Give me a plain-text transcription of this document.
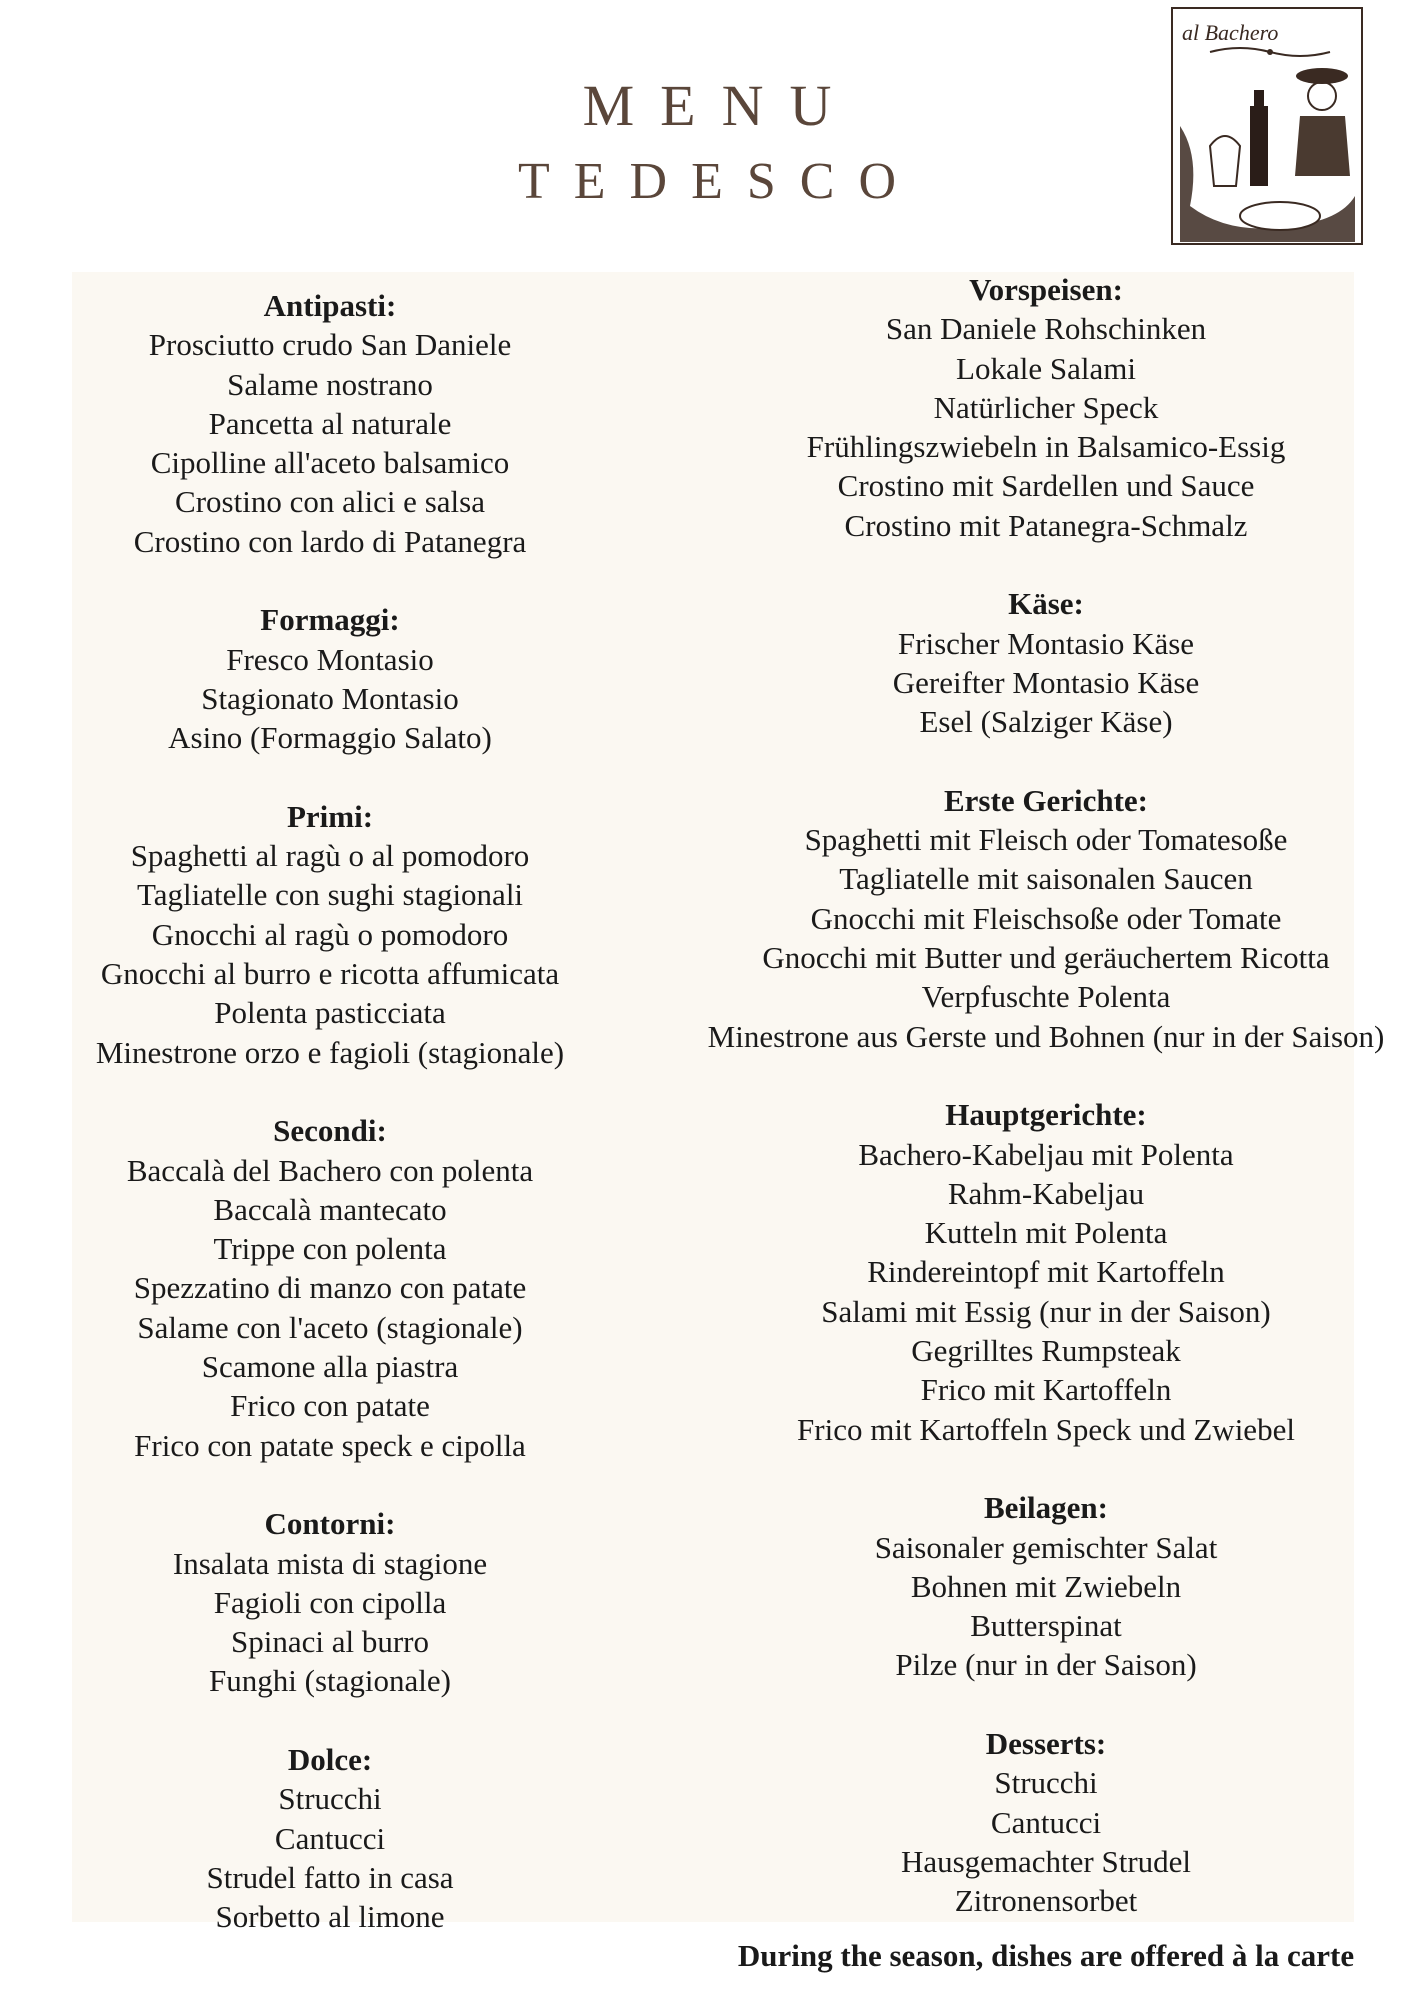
MENU
TEDESCO
al Bachero
Antipasti:
Prosciutto crudo San Daniele
Salame nostrano
Pancetta al naturale
Cipolline all'aceto balsamico
Crostino con alici e salsa
Crostino con lardo di Patanegra
Formaggi:
Fresco Montasio
Stagionato Montasio
Asino (Formaggio Salato)
Primi:
Spaghetti al ragù o al pomodoro
Tagliatelle con sughi stagionali
Gnocchi al ragù o pomodoro
Gnocchi al burro e ricotta affumicata
Polenta pasticciata
Minestrone orzo e fagioli (stagionale)
Secondi:
Baccalà del Bachero con polenta
Baccalà mantecato
Trippe con polenta
Spezzatino di manzo con patate
Salame con l'aceto (stagionale)
Scamone alla piastra
Frico con patate
Frico con patate speck e cipolla
Contorni:
Insalata mista di stagione
Fagioli con cipolla
Spinaci al burro
Funghi (stagionale)
Dolce:
Strucchi
Cantucci
Strudel fatto in casa
Sorbetto al limone
Vorspeisen:
San Daniele Rohschinken
Lokale Salami
Natürlicher Speck
Frühlingszwiebeln in Balsamico-Essig
Crostino mit Sardellen und Sauce
Crostino mit Patanegra-Schmalz
Käse:
Frischer Montasio Käse
Gereifter Montasio Käse
Esel (Salziger Käse)
Erste Gerichte:
Spaghetti mit Fleisch oder Tomatesoße
Tagliatelle mit saisonalen Saucen
Gnocchi mit Fleischsoße oder Tomate
Gnocchi mit Butter und geräuchertem Ricotta
Verpfuschte Polenta
Minestrone aus Gerste und Bohnen (nur in der Saison)
Hauptgerichte:
Bachero-Kabeljau mit Polenta
Rahm-Kabeljau
Kutteln mit Polenta
Rindereintopf mit Kartoffeln
Salami mit Essig (nur in der Saison)
Gegrilltes Rumpsteak
Frico mit Kartoffeln
Frico mit Kartoffeln Speck und Zwiebel
Beilagen:
Saisonaler gemischter Salat
Bohnen mit Zwiebeln
Butterspinat
Pilze (nur in der Saison)
Desserts:
Strucchi
Cantucci
Hausgemachter Strudel
Zitronensorbet
During the season, dishes are offered à la carte
